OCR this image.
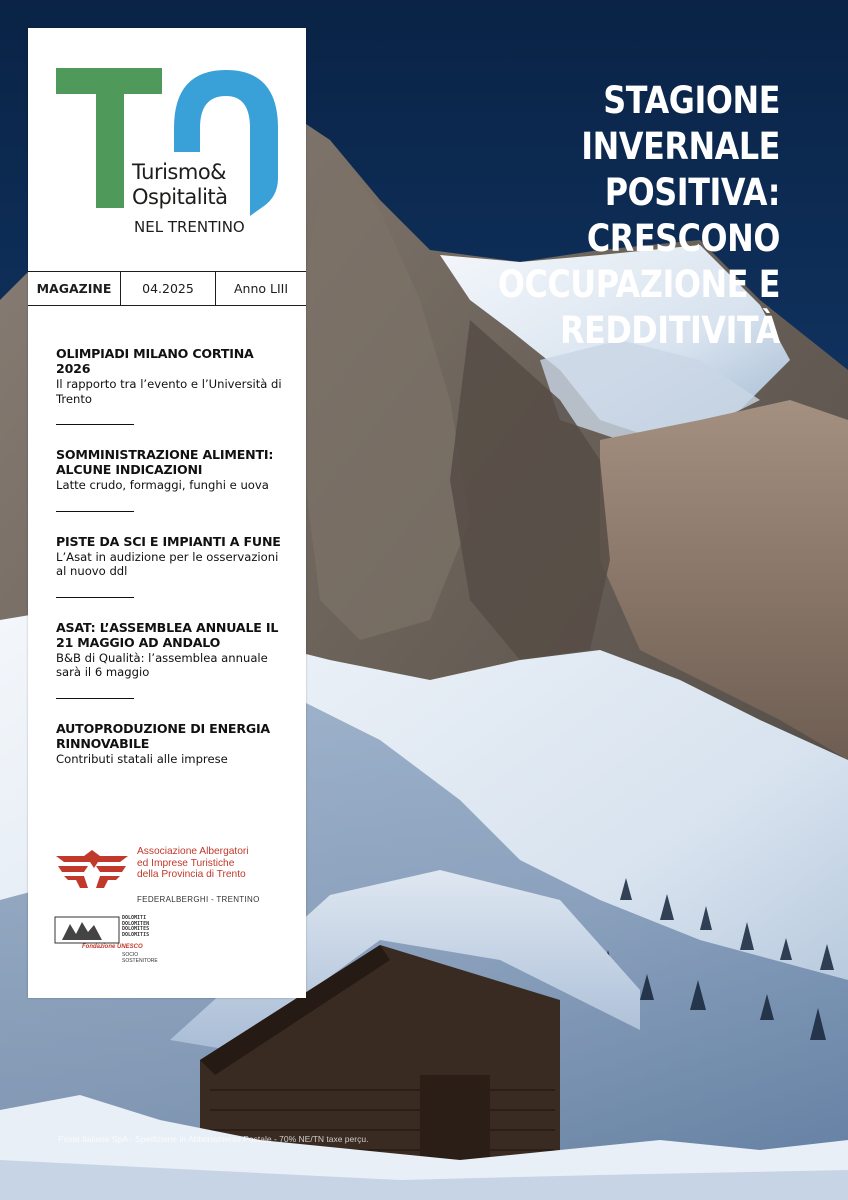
STAGIONE INVERNALE POSITIVA: CRESCONO OCCUPAZIONE E REDDITIVITÀ
Turismo&
Ospitalità
NEL TRENTINO
MAGAZINE	04.2025	Anno LIII
OLIMPIADI MILANO CORTINA 2026
Il rapporto tra l’evento e l’Università di Trento
SOMMINISTRAZIONE ALIMENTI: ALCUNE INDICAZIONI
Latte crudo, formaggi, funghi e uova
PISTE DA SCI E IMPIANTI A FUNE
L’Asat in audizione per le osservazioni al nuovo ddl
ASAT: L’ASSEMBLEA ANNUALE IL 21 MAGGIO AD ANDALO
B&B di Qualità: l’assemblea annuale sarà il 6 maggio
AUTOPRODUZIONE DI ENERGIA RINNOVABILE
Contributi statali alle imprese
Associazione Albergatori
ed Imprese Turistiche
della Provincia di Trento
FEDERALBERGHI - TRENTINO
DOLOMITI
DOLOMITEN
DOLOMITES
DOLOMITIS
Fondazione UNESCO
SOCIO
SOSTENITORE
Poste Italiane SpA - Spedizione in Abbonamento Postale - 70% NE/TN taxe perçu.
